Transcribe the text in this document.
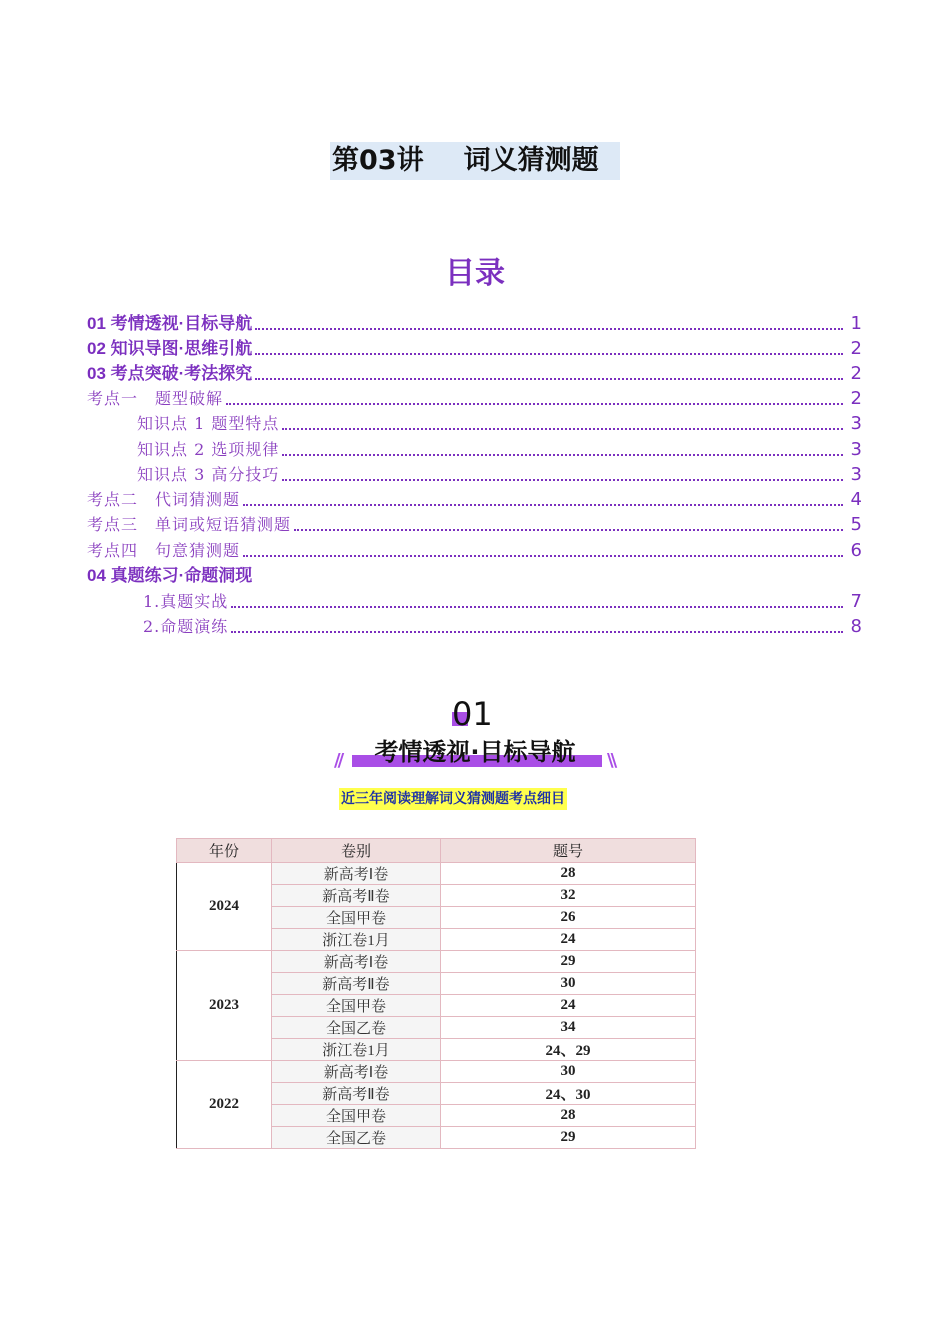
第03讲 词义猜测题
目录
01 考情透视·目标导航	1
02 知识导图·思维引航	2
03 考点突破·考法探究	2
考点一　题型破解	2
知识点 1 题型特点	3
知识点 2 选项规律	3
知识点 3 高分技巧	3
考点二　代词猜测题	4
考点三　单词或短语猜测题	5
考点四　句意猜测题	6
04 真题练习·命题洞现
1.真题实战	7
2.命题演练	8
01
//	\\
考情透视·目标导航
近三年阅读理解词义猜测题考点细目
年份	卷别	题号
2024	新高考Ⅰ卷	28
	新高考Ⅱ卷	32
	全国甲卷	26
	浙江卷1月	24
2023	新高考Ⅰ卷	29
	新高考Ⅱ卷	30
	全国甲卷	24
	全国乙卷	34
	浙江卷1月	24、29
2022	新高考Ⅰ卷	30
	新高考Ⅱ卷	24、30
	全国甲卷	28
	全国乙卷	29
